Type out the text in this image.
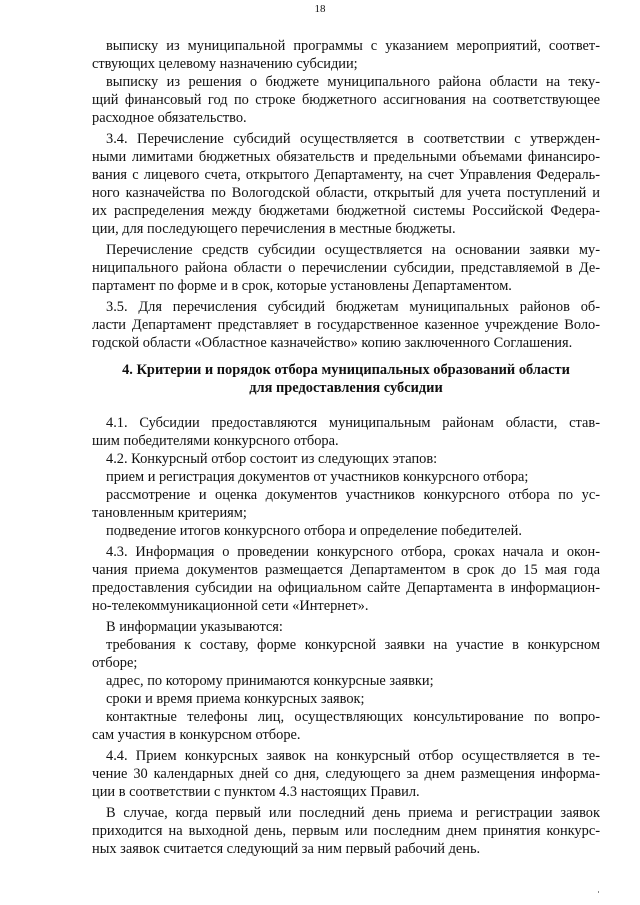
18
выписку из муниципальной программы с указанием мероприятий, соответ-
ствующих целевому назначению субсидии;
выписку из решения о бюджете муниципального района области на теку-
щий финансовый год по строке бюджетного ассигнования на соответствующее
расходное обязательство.
3.4. Перечисление субсидий осуществляется в соответствии с утвержден-
ными лимитами бюджетных обязательств и предельными объемами финансиро-
вания с лицевого счета, открытого Департаменту, на счет Управления Федераль-
ного казначейства по Вологодской области, открытый для учета поступлений и
их распределения между бюджетами бюджетной системы Российской Федера-
ции, для последующего перечисления в местные бюджеты.
Перечисление средств субсидии осуществляется на основании заявки му-
ниципального района области о перечислении субсидии, представляемой в Де-
партамент по форме и в срок, которые установлены Департаментом.
3.5. Для перечисления субсидий бюджетам муниципальных районов об-
ласти Департамент представляет в государственное казенное учреждение Воло-
годской области «Областное казначейство» копию заключенного Соглашения.
4. Критерии и порядок отбора муниципальных образований области
для предоставления субсидии
4.1. Субсидии предоставляются муниципальным районам области, став-
шим победителями конкурсного отбора.
4.2. Конкурсный отбор состоит из следующих этапов:
прием и регистрация документов от участников конкурсного отбора;
рассмотрение и оценка документов участников конкурсного отбора по ус-
тановленным критериям;
подведение итогов конкурсного отбора и определение победителей.
4.3. Информация о проведении конкурсного отбора, сроках начала и окон-
чания приема документов размещается Департаментом в срок до 15 мая года
предоставления субсидии на официальном сайте Департамента в информацион-
но-телекоммуникационной сети «Интернет».
В информации указываются:
требования к составу, форме конкурсной заявки на участие в конкурсном
отборе;
адрес, по которому принимаются конкурсные заявки;
сроки и время приема конкурсных заявок;
контактные телефоны лиц, осуществляющих консультирование по вопро-
сам участия в конкурсном отборе.
4.4. Прием конкурсных заявок на конкурсный отбор осуществляется в те-
чение 30 календарных дней со дня, следующего за днем размещения информа-
ции в соответствии с пунктом 4.3 настоящих Правил.
В случае, когда первый или последний день приема и регистрации заявок
приходится на выходной день, первым или последним днем принятия конкурс-
ных заявок считается следующий за ним первый рабочий день.
